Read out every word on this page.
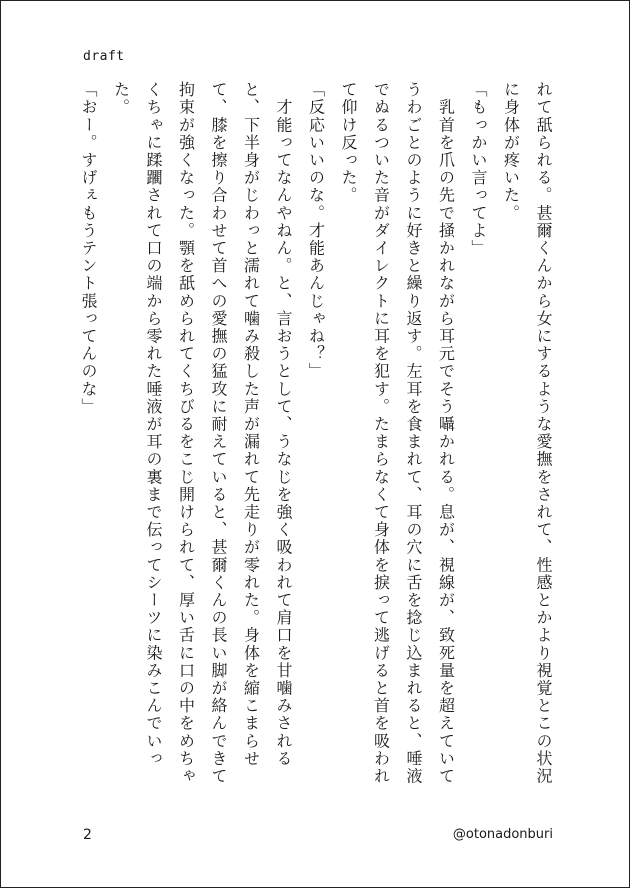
draft

れて舐られる。甚爾くんから女にするような愛撫をされて、性感とかより視覚とこの状況に身体が疼いた。

「もっかい言ってよ」

　乳首を爪の先で掻かれながら耳元でそう囁かれる。息が、視線が、致死量を超えていてうわごとのように好きと繰り返す。左耳を食まれて、耳の穴に舌を捻じ込まれると、唾液でぬるついた音がダイレクトに耳を犯す。たまらなくて身体を捩って逃げると首を吸われて仰け反った。

「反応いいのな。才能あんじゃね？」

　才能ってなんやねん。と、言おうとして、うなじを強く吸われて肩口を甘噛みされると、下半身がじわっと濡れて噛み殺した声が漏れて先走りが零れた。身体を縮こまらせて、膝を擦り合わせて首への愛撫の猛攻に耐えていると、甚爾くんの長い脚が絡んできて拘束が強くなった。顎を舐められてくちびるをこじ開けられて、厚い舌に口の中をめちゃくちゃに蹂躙されて口の端から零れた唾液が耳の裏まで伝ってシーツに染みこんでいった。

「おー。すげぇもうテント張ってんのな」

2	@otonadonburi
